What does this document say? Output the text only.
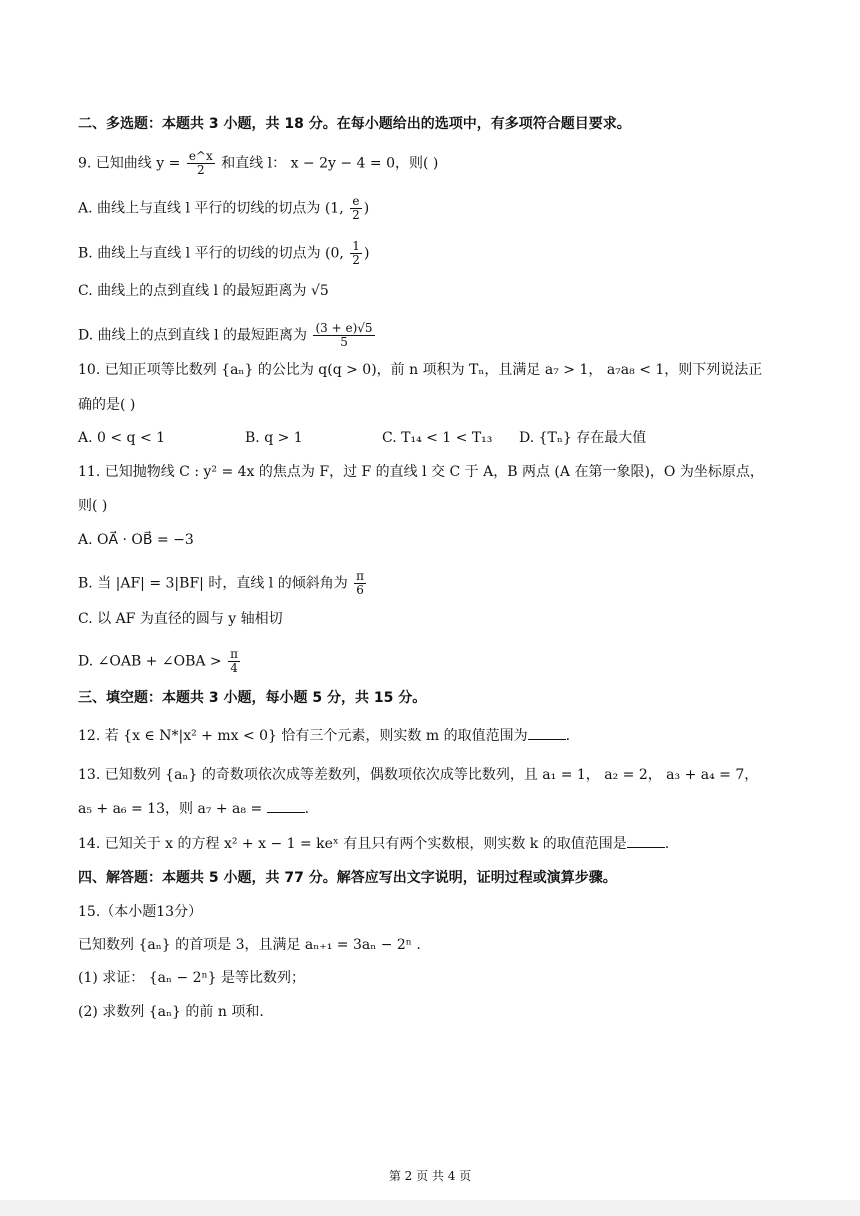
二、多选题：本题共 3 小题，共 18 分。在每小题给出的选项中，有多项符合题目要求。
9. 已知曲线 $y = \frac{e\^{}x}{2}$ 和直线 l： x − 2y − 4 = 0，则( )
A. 曲线上与直线 l 平行的切线的切点为 (1, $\frac{e}{2}$ )
B. 曲线上与直线 l 平行的切线的切点为 (0, $\frac{1}{2}$ )
C. 曲线上的点到直线 l 的最短距离为 √5
D. 曲线上的点到直线 l 的最短距离为 $\frac{(3 + e)√5}{5}$
10. 已知正项等比数列 {aₙ} 的公比为 q(q > 0)，前 n 项积为 Tₙ，且满足 a₇ > 1， a₇a₈ < 1，则下列说法正
确的是( )
A. 0 < q < 1	B. q > 1	C. T₁₄ < 1 < T₁₃ D. {Tₙ} 存在最大值
11. 已知抛物线 C : y² = 4x 的焦点为 F，过 F 的直线 l 交 C 于 A，B 两点 (A 在第一象限)，O 为坐标原点，
则( )
A. OA⃗ · OB⃗ = −3
B. 当 |AF| = 3|BF| 时，直线 l 的倾斜角为 $\frac{\pi}{6}$
C. 以 AF 为直径的圆与 y 轴相切
D. ∠OAB + ∠OBA > $\frac{\pi}{4}$
三、填空题：本题共 3 小题，每小题 5 分，共 15 分。
12. 若 {x ∈ N*|x² + mx < 0} 恰有三个元素，则实数 m 的取值范围为	.
13. 已知数列 {aₙ} 的奇数项依次成等差数列，偶数项依次成等比数列，且 a₁ = 1， a₂ = 2， a₃ + a₄ = 7，
a₅ + a₆ = 13，则 a₇ + a₈ =	.
14. 已知关于 x 的方程 x² + x − 1 = keˣ 有且只有两个实数根，则实数 k 的取值范围是	.
四、解答题：本题共 5 小题，共 77 分。解答应写出文字说明，证明过程或演算步骤。
15.（本小题13分）
已知数列 {aₙ} 的首项是 3，且满足 aₙ₊₁ = 3aₙ − 2ⁿ .
(1) 求证： {aₙ − 2ⁿ} 是等比数列；
(2) 求数列 {aₙ} 的前 n 项和.
第 2 页 共 4 页
